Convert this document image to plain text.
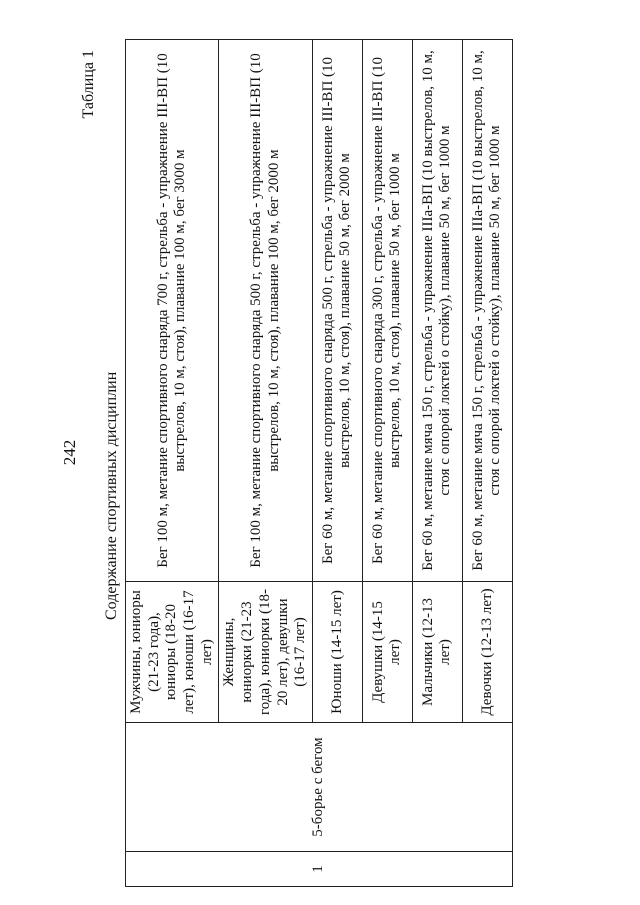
242
Таблица 1
Содержание спортивных дисциплин
1	5-борье с бегом	Мужчины, юниоры (21-23 года), юниоры (18-20 лет), юноши (16-17 лет)	Бег 100 м, метание спортивного снаряда 700 г, стрельба - упражнение III-ВП (10 выстрелов, 10 м, стоя), плавание 100 м, бег 3000 м
		Женщины, юниорки (21-23 года), юниорки (18-20 лет), девушки (16-17 лет)	Бег 100 м, метание спортивного снаряда 500 г, стрельба - упражнение III-ВП (10 выстрелов, 10 м, стоя), плавание 100 м, бег 2000 м
		Юноши (14-15 лет)	Бег 60 м, метание спортивного снаряда 500 г, стрельба - упражнение III-ВП (10 выстрелов, 10 м, стоя), плавание 50 м, бег 2000 м
		Девушки (14-15 лет)	Бег 60 м, метание спортивного снаряда 300 г, стрельба - упражнение III-ВП (10 выстрелов, 10 м, стоя), плавание 50 м, бег 1000 м
		Мальчики (12-13 лет)	Бег 60 м, метание мяча 150 г, стрельба - упражнение IIIа-ВП (10 выстрелов, 10 м, стоя с опорой локтей о стойку), плавание 50 м, бег 1000 м
		Девочки (12-13 лет)	Бег 60 м, метание мяча 150 г, стрельба - упражнение IIIа-ВП (10 выстрелов, 10 м, стоя с опорой локтей о стойку), плавание 50 м, бег 1000 м
